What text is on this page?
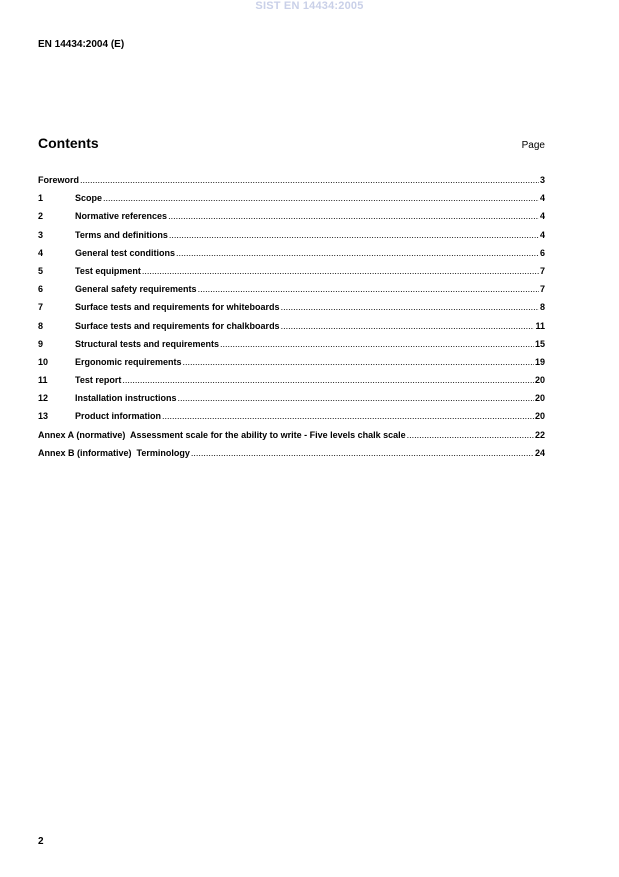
SIST EN 14434:2005
EN 14434:2004 (E)
Contents	Page
Foreword .....	3
1	Scope .....	4
2	Normative references .....	4
3	Terms and definitions .....	4
4	General test conditions .....	6
5	Test equipment .....	7
6	General safety requirements .....	7
7	Surface tests and requirements for whiteboards .....	8
8	Surface tests and requirements for chalkboards .....	11
9	Structural tests and requirements .....	15
10	Ergonomic requirements .....	19
11	Test report .....	20
12	Installation instructions .....	20
13	Product information .....	20
Annex A (normative)  Assessment scale for the ability to write - Five levels chalk scale .....	22
Annex B (informative)  Terminology .....	24
2
